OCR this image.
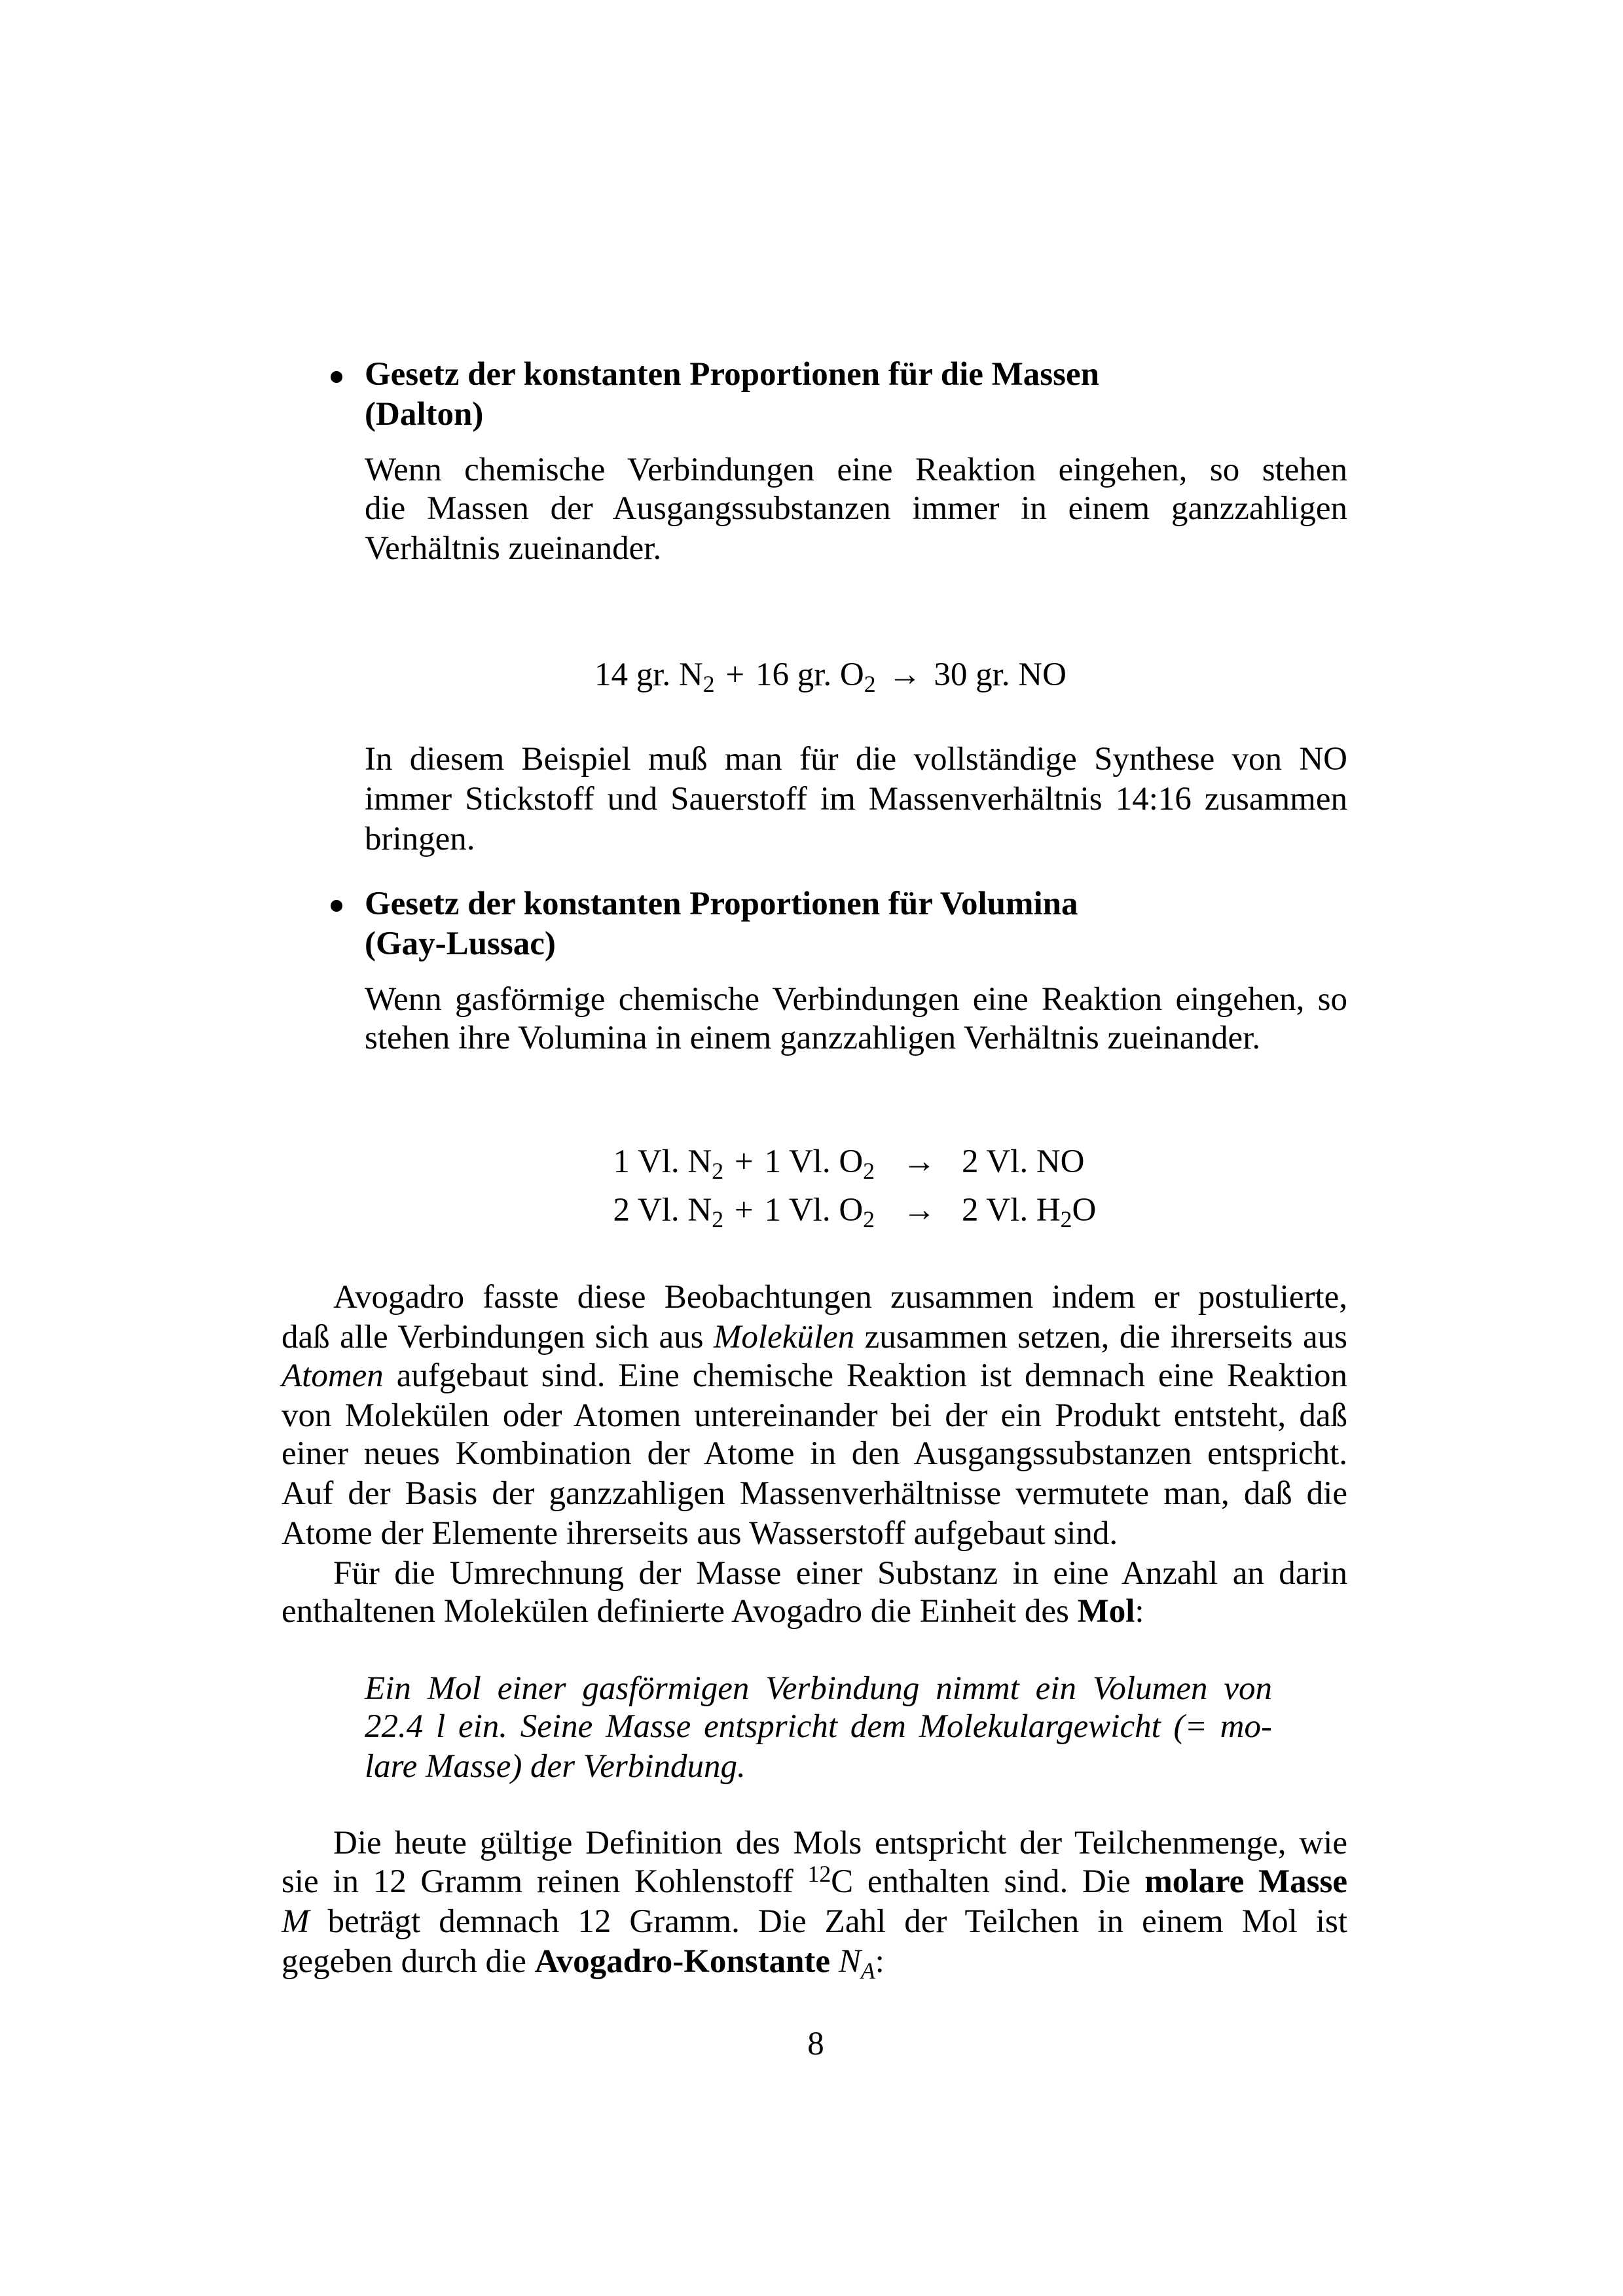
Gesetz der konstanten Proportionen für die Massen
(Dalton)
Wenn chemische Verbindungen eine Reaktion eingehen, so stehen
die Massen der Ausgangssubstanzen immer in einem ganzzahligen
Verhältnis zueinander.
14 gr. N2 + 16 gr. O2 → 30 gr. NO
In diesem Beispiel muß man für die vollständige Synthese von NO
immer Stickstoff und Sauerstoff im Massenverhältnis 14:16 zusammen
bringen.
Gesetz der konstanten Proportionen für Volumina
(Gay-Lussac)
Wenn gasförmige chemische Verbindungen eine Reaktion eingehen, so
stehen ihre Volumina in einem ganzzahligen Verhältnis zueinander.
1 Vl. N2 + 1 Vl. O2 → 2 Vl. NO
2 Vl. N2 + 1 Vl. O2 → 2 Vl. H2O
Avogadro fasste diese Beobachtungen zusammen indem er postulierte,
daß alle Verbindungen sich aus Molekülen zusammen setzen, die ihrerseits aus
Atomen aufgebaut sind. Eine chemische Reaktion ist demnach eine Reaktion
von Molekülen oder Atomen untereinander bei der ein Produkt entsteht, daß
einer neues Kombination der Atome in den Ausgangssubstanzen entspricht.
Auf der Basis der ganzzahligen Massenverhältnisse vermutete man, daß die
Atome der Elemente ihrerseits aus Wasserstoff aufgebaut sind.
Für die Umrechnung der Masse einer Substanz in eine Anzahl an darin
enthaltenen Molekülen definierte Avogadro die Einheit des Mol:
Ein Mol einer gasförmigen Verbindung nimmt ein Volumen von
22.4 l ein. Seine Masse entspricht dem Molekulargewicht (= mo-
lare Masse) der Verbindung.
Die heute gültige Definition des Mols entspricht der Teilchenmenge, wie
sie in 12 Gramm reinen Kohlenstoff $^{12}$C enthalten sind. Die molare Masse
M beträgt demnach 12 Gramm. Die Zahl der Teilchen in einem Mol ist
gegeben durch die Avogadro-Konstante NA:
8
